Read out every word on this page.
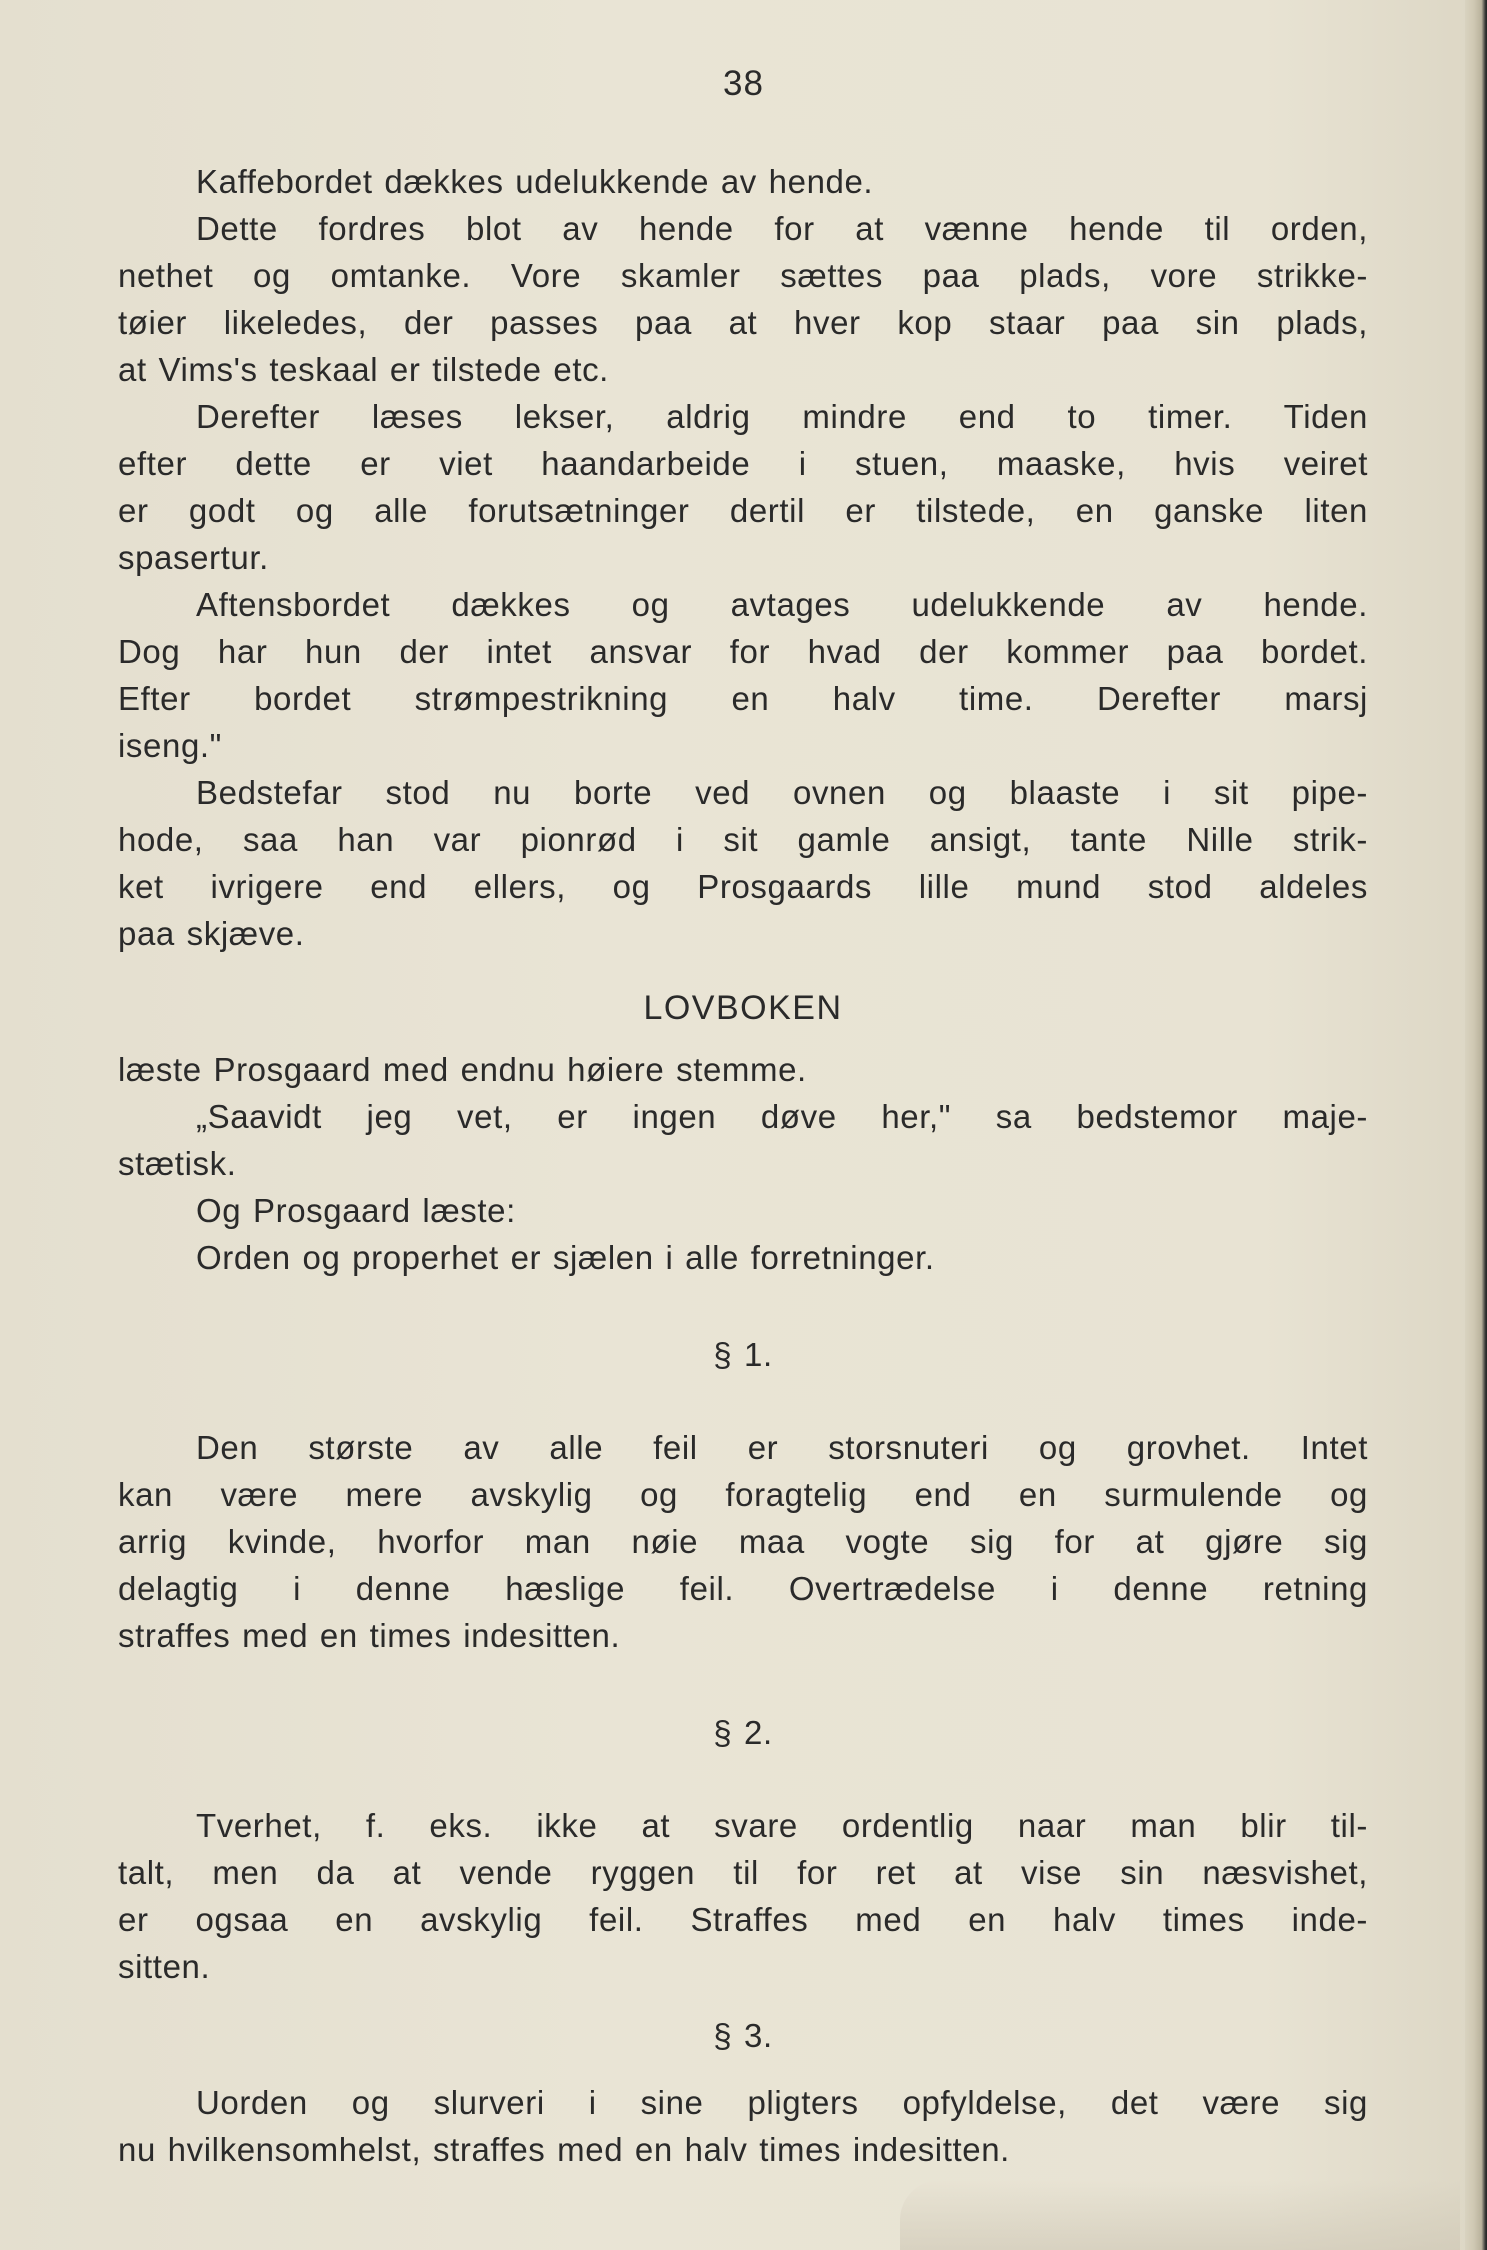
38

Kaffebordet dækkes udelukkende av hende.

Dette fordres blot av hende for at vænne hende til orden,
nethet og omtanke. Vore skamler sættes paa plads, vore strikke-
tøier likeledes, der passes paa at hver kop staar paa sin plads,
at Vims's teskaal er tilstede etc.

Derefter læses lekser, aldrig mindre end to timer. Tiden
efter dette er viet haandarbeide i stuen, maaske, hvis veiret
er godt og alle forutsætninger dertil er tilstede, en ganske liten
spasertur.

Aftensbordet dækkes og avtages udelukkende av hende.
Dog har hun der intet ansvar for hvad der kommer paa bordet.
Efter bordet strømpestrikning en halv time. Derefter marsj
iseng."

Bedstefar stod nu borte ved ovnen og blaaste i sit pipe-
hode, saa han var pionrød i sit gamle ansigt, tante Nille strik-
ket ivrigere end ellers, og Prosgaards lille mund stod aldeles
paa skjæve.

LOVBOKEN

læste Prosgaard med endnu høiere stemme.

„Saavidt jeg vet, er ingen døve her," sa bedstemor maje-
stætisk.

Og Prosgaard læste:

Orden og properhet er sjælen i alle forretninger.

§ 1.

Den største av alle feil er storsnuteri og grovhet. Intet
kan være mere avskylig og foragtelig end en surmulende og
arrig kvinde, hvorfor man nøie maa vogte sig for at gjøre sig
delagtig i denne hæslige feil. Overtrædelse i denne retning
straffes med en times indesitten.

§ 2.

Tverhet, f. eks. ikke at svare ordentlig naar man blir til-
talt, men da at vende ryggen til for ret at vise sin næsvishet,
er ogsaa en avskylig feil. Straffes med en halv times inde-
sitten.

§ 3.

Uorden og slurveri i sine pligters opfyldelse, det være sig
nu hvilkensomhelst, straffes med en halv times indesitten.
